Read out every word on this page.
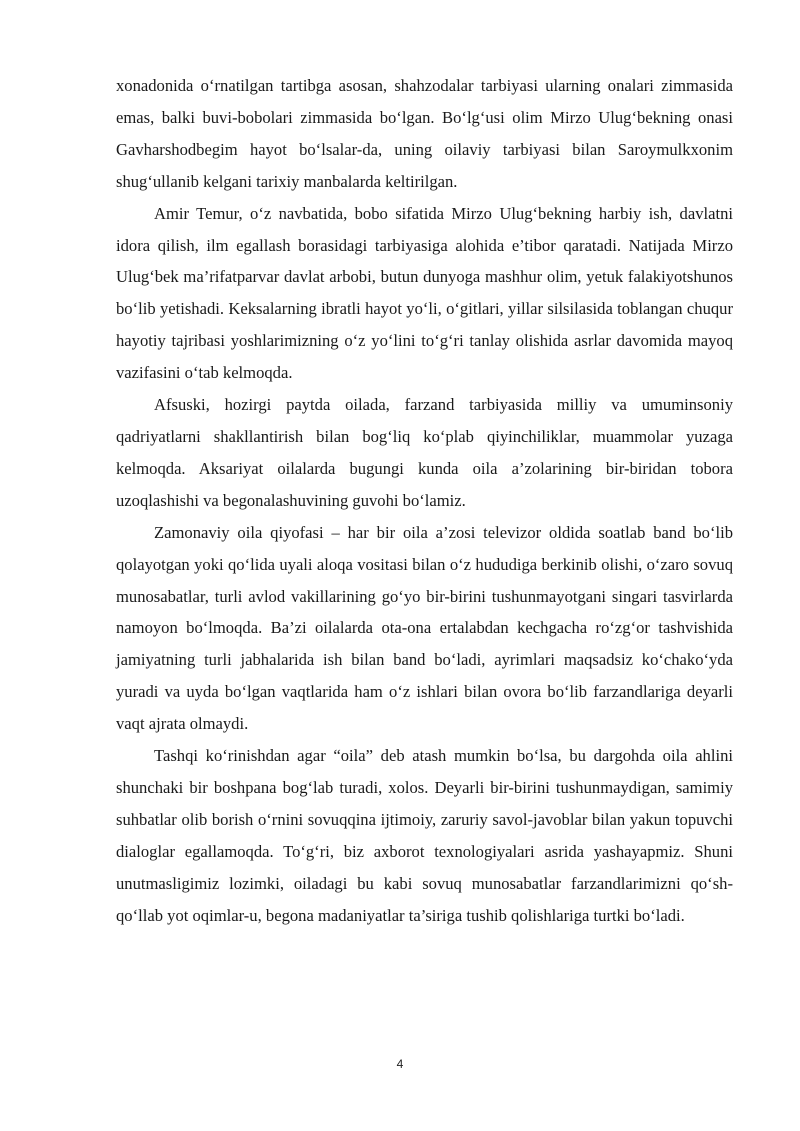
xonadonida o‘rnatilgan tartibga asosan, shahzodalar tarbiyasi ularning onalari zimmasida emas, balki buvi-bobolari zimmasida bo‘lgan. Bo‘lg‘usi olim Mirzo Ulug‘bekning onasi Gavharshodbegim hayot bo‘lsalar-da, uning oilaviy tarbiyasi bilan Saroymulkxonim shug‘ullanib kelgani tarixiy manbalarda keltirilgan.

Amir Temur, o‘z navbatida, bobo sifatida Mirzo Ulug‘bekning harbiy ish, davlatni idora qilish, ilm egallash borasidagi tarbiyasiga alohida e’tibor qaratadi. Natijada Mirzo Ulug‘bek ma’rifatparvar davlat arbobi, butun dunyoga mashhur olim, yetuk falakiyotshunos bo‘lib yetishadi. Keksalarning ibratli hayot yo‘li, o‘gitlari, yillar silsilasida toblangan chuqur hayotiy tajribasi yoshlarimizning o‘z yo‘lini to‘g‘ri tanlay olishida asrlar davomida mayoq vazifasini o‘tab kelmoqda.

Afsuski, hozirgi paytda oilada, farzand tarbiyasida milliy va umuminsoniy qadriyatlarni shakllantirish bilan bog‘liq ko‘plab qiyinchiliklar, muammolar yuzaga kelmoqda. Aksariyat oilalarda bugungi kunda oila a’zolarining bir-biridan tobora uzoqlashishi va begonalashuvining guvohi bo‘lamiz.

Zamonaviy oila qiyofasi – har bir oila a’zosi televizor oldida soatlab band bo‘lib qolayotgan yoki qo‘lida uyali aloqa vositasi bilan o‘z hududiga berkinib olishi, o‘zaro sovuq munosabatlar, turli avlod vakillarining go‘yo bir-birini tushunmayotgani singari tasvirlarda namoyon bo‘lmoqda. Ba’zi oilalarda ota-ona ertalabdan kechgacha ro‘zg‘or tashvishida jamiyatning turli jabhalarida ish bilan band bo‘ladi, ayrimlari maqsadsiz ko‘chako‘yda yuradi va uyda bo‘lgan vaqtlarida ham o‘z ishlari bilan ovora bo‘lib farzandlariga deyarli vaqt ajrata olmaydi.

Tashqi ko‘rinishdan agar “oila” deb atash mumkin bo‘lsa, bu dargohda oila ahlini shunchaki bir boshpana bog‘lab turadi, xolos. Deyarli bir-birini tushunmaydigan, samimiy suhbatlar olib borish o‘rnini sovuqqina ijtimoiy, zaruriy savol-javoblar bilan yakun topuvchi dialoglar egallamoqda. To‘g‘ri, biz axborot texnologiyalari asrida yashayapmiz. Shuni unutmasligimiz lozimki, oiladagi bu kabi sovuq munosabatlar farzandlarimizni qo‘sh-qo‘llab yot oqimlar-u, begona madaniyatlar ta’siriga tushib qolishlariga turtki bo‘ladi.

4
